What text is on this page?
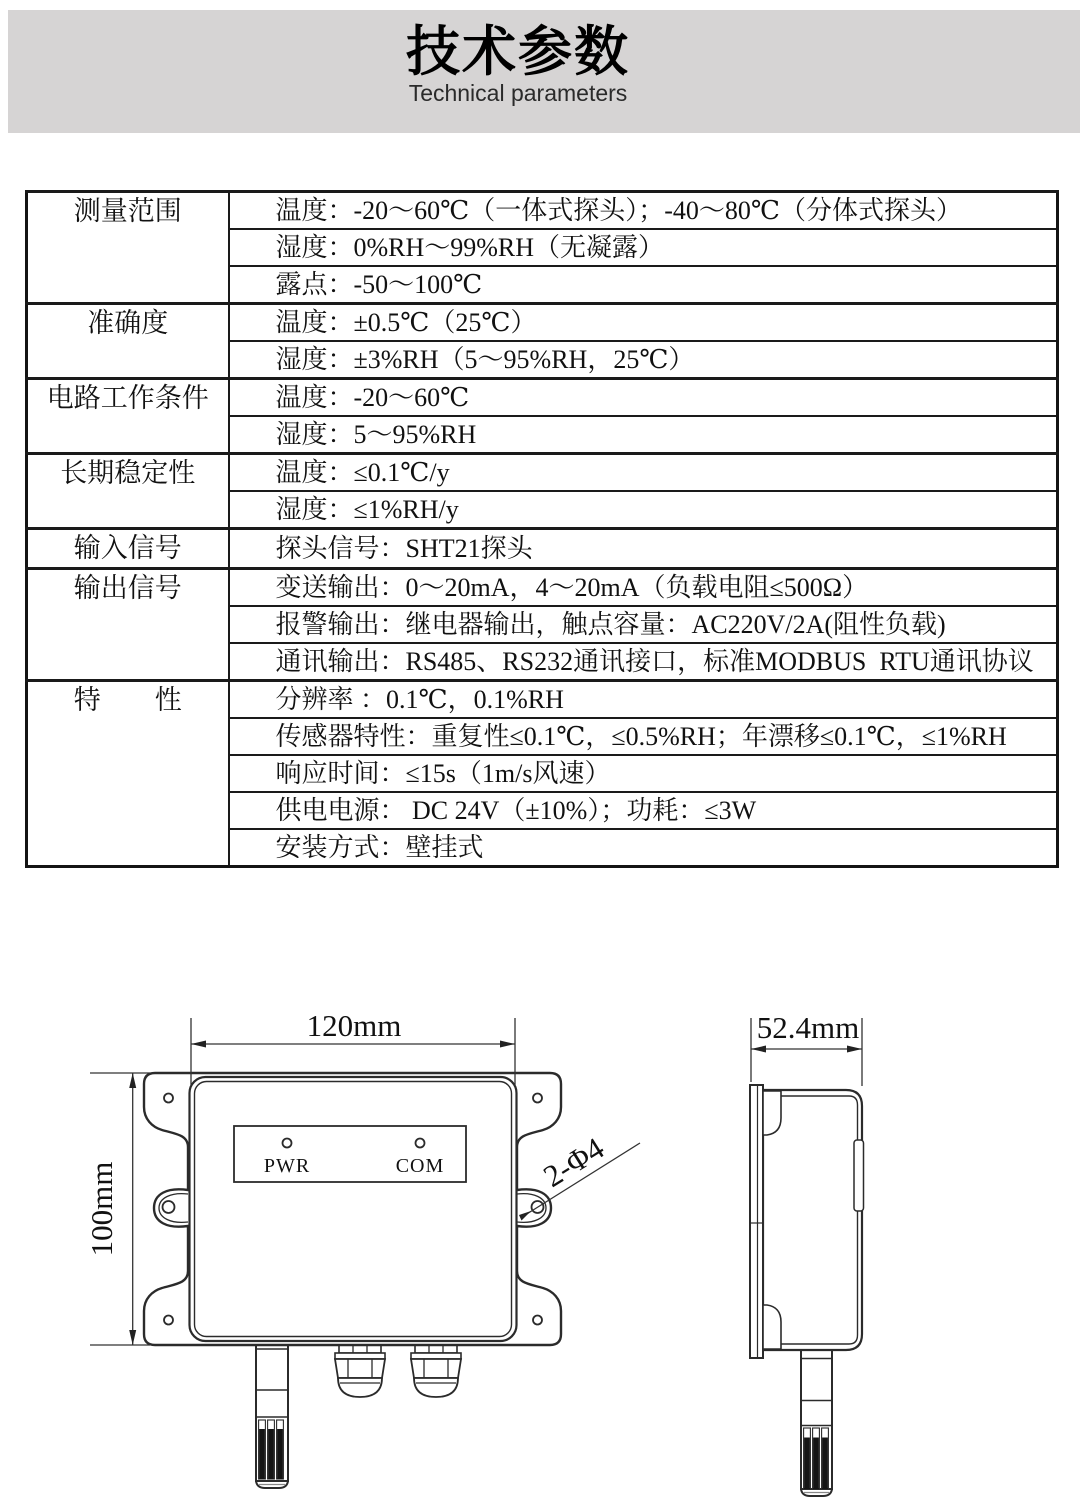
技术参数

Technical parameters

测量范围	温度：-20～60℃（一体式探头）；-40～80℃（分体式探头）
	湿度：0%RH～99%RH（无凝露）
	露点：-50～100℃
准确度	温度：±0.5℃（25℃）
	湿度：±3%RH（5～95%RH，25℃）
电路工作条件	温度：-20～60℃
	湿度：5～95%RH
长期稳定性	温度：≤0.1℃/y
	湿度：≤1%RH/y
输入信号	探头信号：SHT21探头
输出信号	变送输出：0～20mA，4～20mA（负载电阻≤500Ω）
	报警输出：继电器输出，触点容量：AC220V/2A(阻性负载)
	通讯输出：RS485、RS232通讯接口，标准MODBUS  RTU通讯协议
特　　性	分辨率 ：0.1℃，0.1%RH
	传感器特性：重复性≤0.1℃，≤0.5%RH；年漂移≤0.1℃，≤1%RH
	响应时间：≤15s（1m/s风速）
	供电电源： DC 24V（±10%）；功耗：≤3W
	安装方式：壁挂式
PWR	COM	2-Φ4
120mm
100mm
52.4mm
